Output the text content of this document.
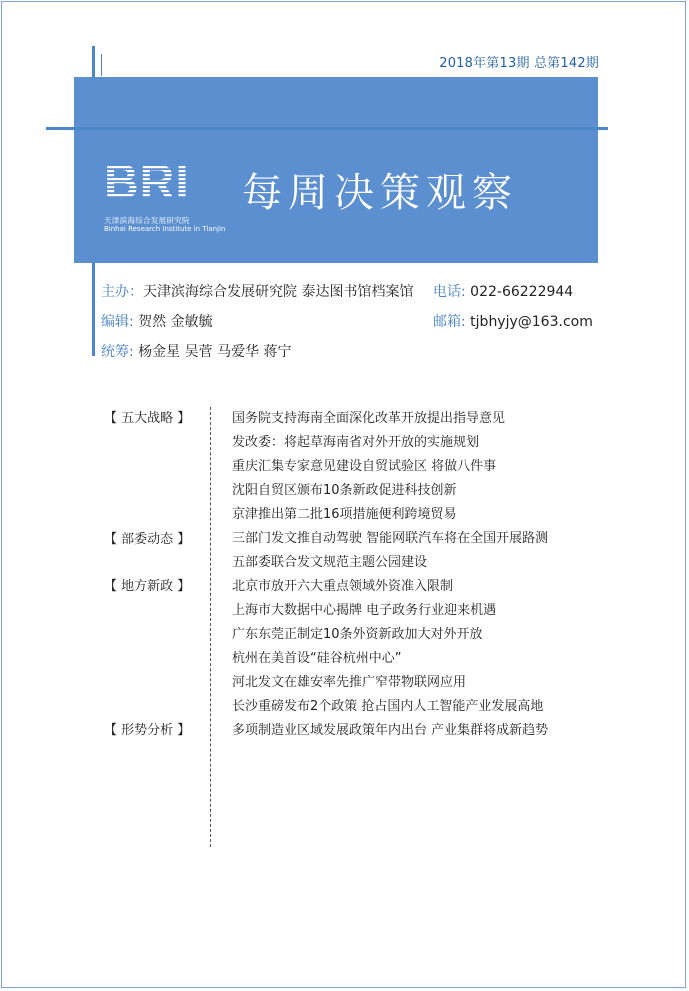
2018年第13期 总第142期
BRI
天津滨海综合发展研究院
Binhai Research Institute in Tianjin
每周决策观察
主办：天津滨海综合发展研究院 泰达图书馆档案馆 电话: 022-66222944
编辑: 贺然 金敏毓	邮箱: tjbhyjy@163.com
统筹: 杨金星 吴菅 马爱华 蒋宁
【 五大战略 】
【 部委动态 】
【 地方新政 】
【 形势分析 】
国务院支持海南全面深化改革开放提出指导意见
发改委：将起草海南省对外开放的实施规划
重庆汇集专家意见建设自贸试验区 将做八件事
沈阳自贸区颁布10条新政促进科技创新
京津推出第二批16项措施便利跨境贸易
三部门发文推自动驾驶 智能网联汽车将在全国开展路测
五部委联合发文规范主题公园建设
北京市放开六大重点领域外资准入限制
上海市大数据中心揭牌 电子政务行业迎来机遇
广东东莞正制定10条外资新政加大对外开放
杭州在美首设“硅谷杭州中心”
河北发文在雄安率先推广窄带物联网应用
长沙重磅发布2个政策 抢占国内人工智能产业发展高地
多项制造业区域发展政策年内出台 产业集群将成新趋势
